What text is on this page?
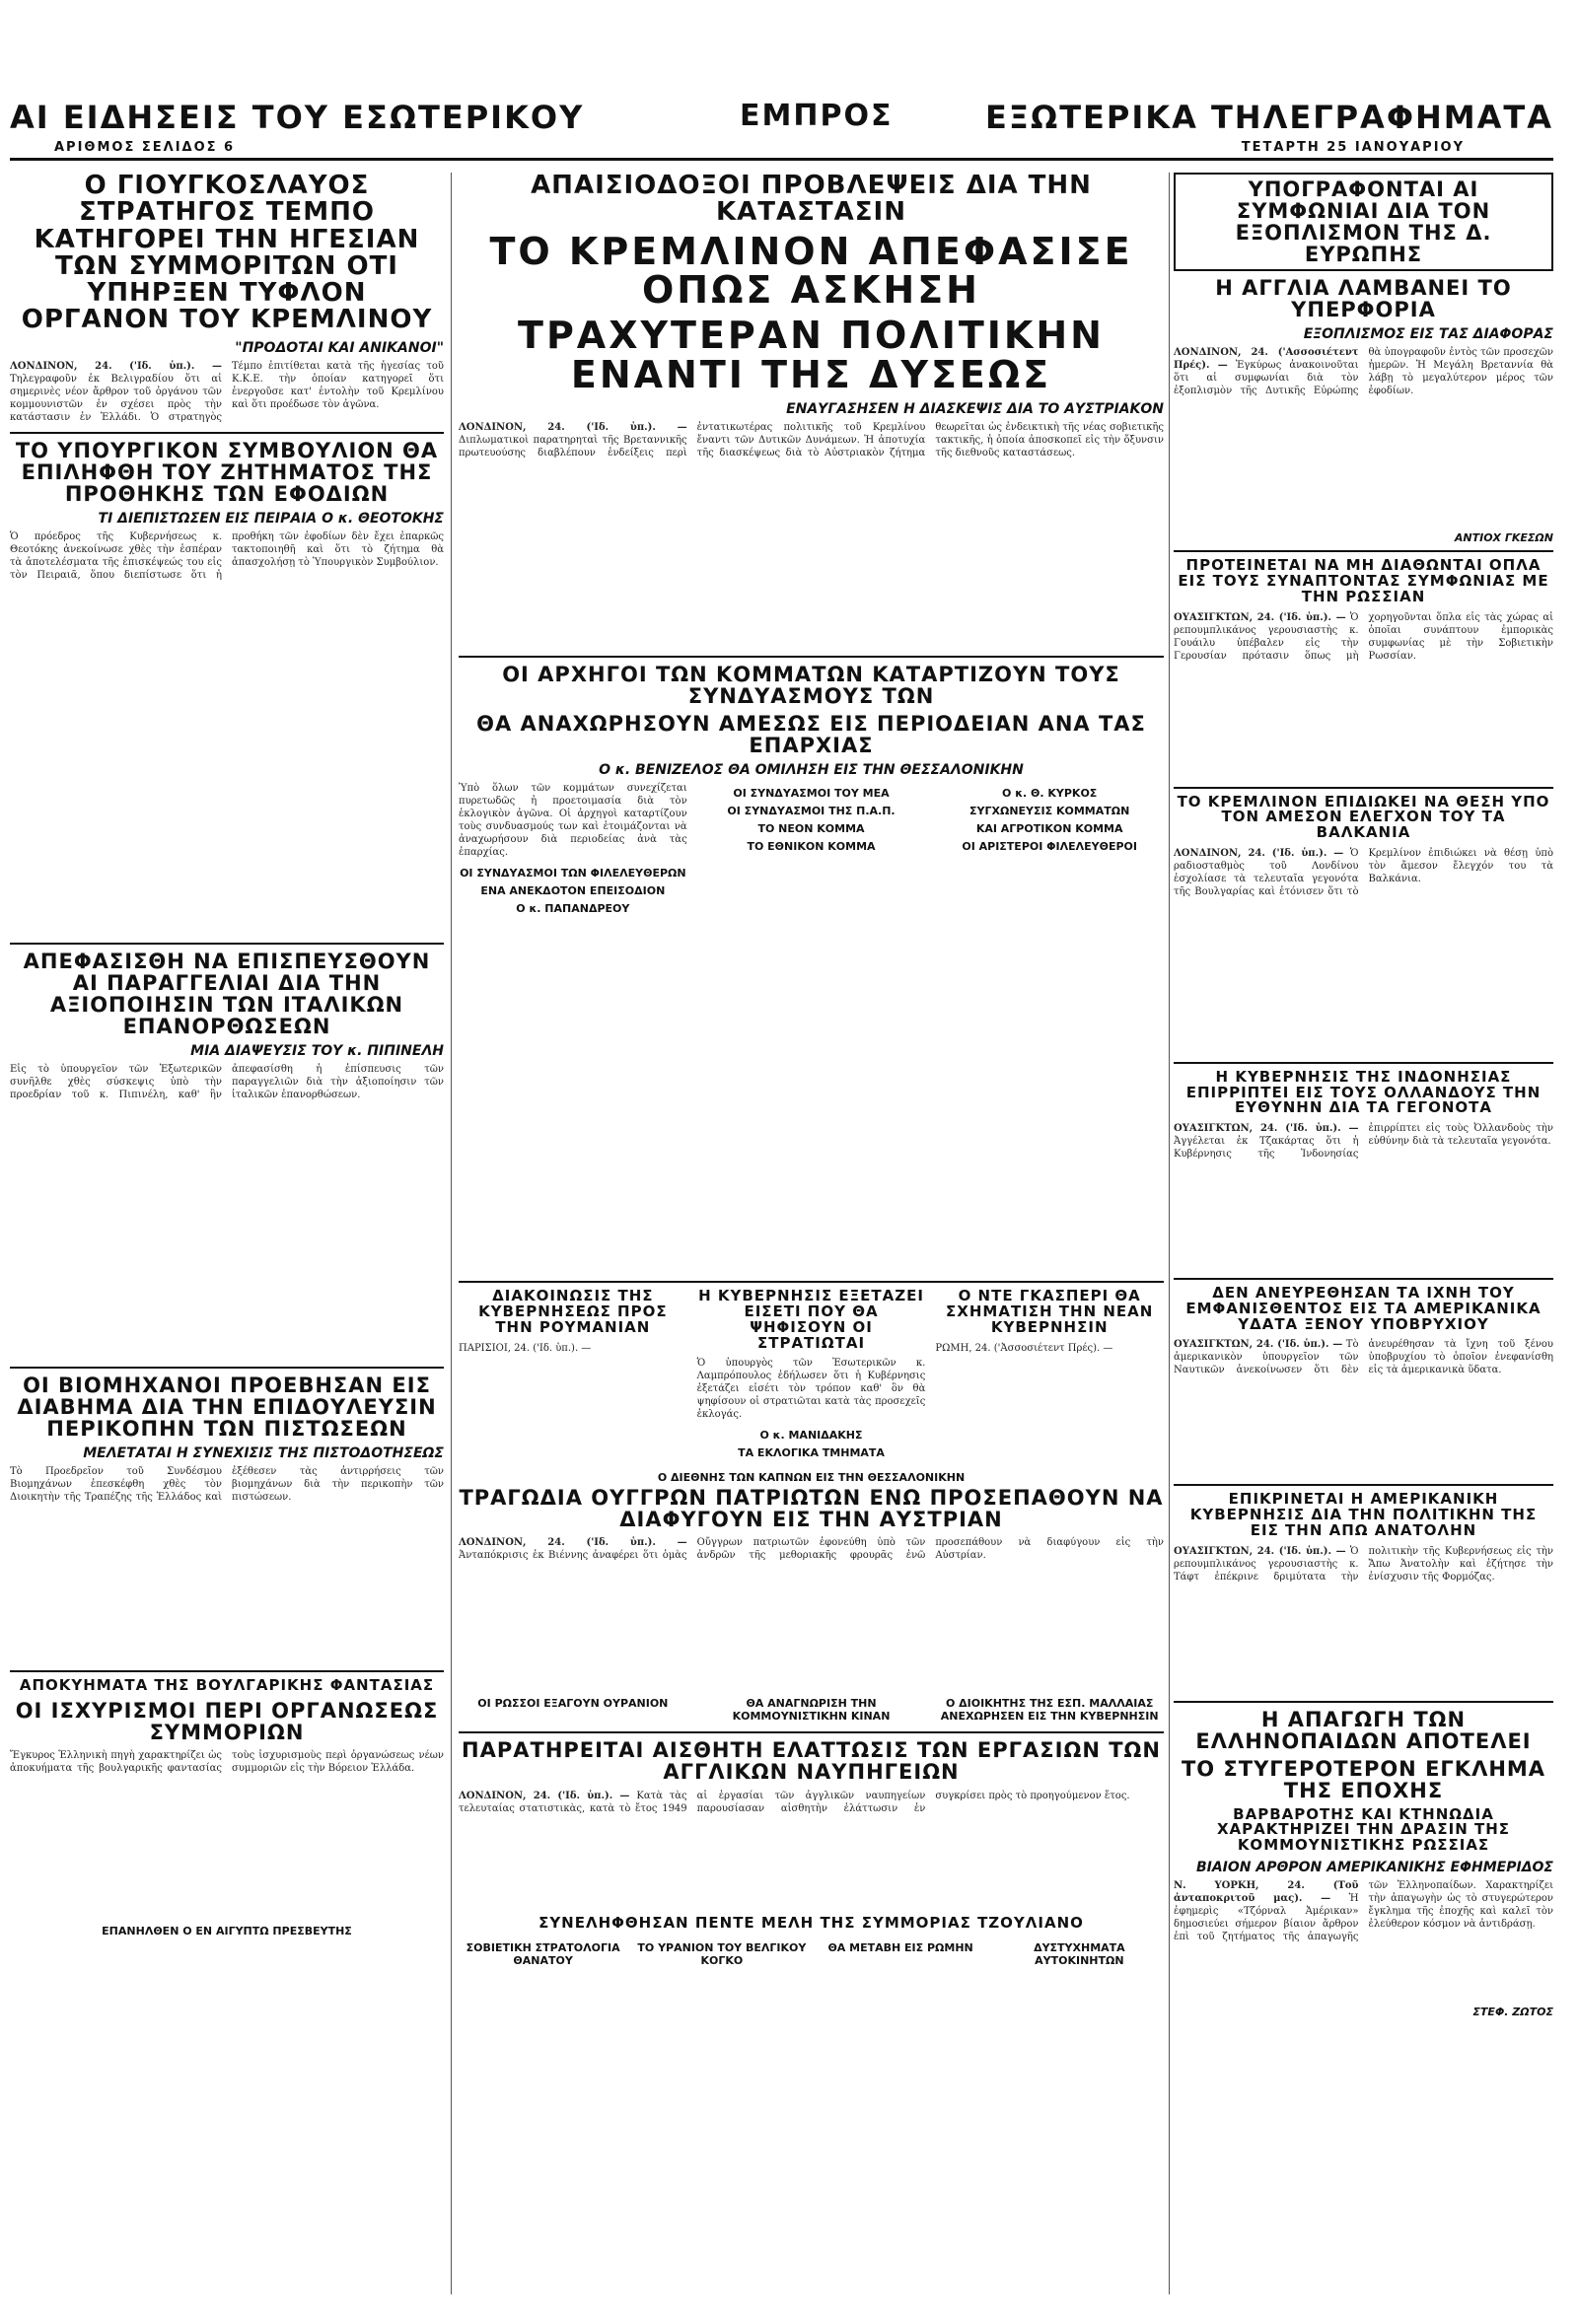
ΑΙ ΕΙΔΗΣΕΙΣ ΤΟΥ ΕΣΩΤΕΡΙΚΟΥ	ΕΜΠΡΟΣ	ΕΞΩΤΕΡΙΚΑ ΤΗΛΕΓΡΑΦΗΜΑΤΑ
ΑΡΙΘΜΟΣ ΣΕΛΙΔΟΣ 6	ΤΕΤΑΡΤΗ 25 ΙΑΝΟΥΑΡΙΟΥ
Ο ΓΙΟΥΓΚΟΣΛΑΥΟΣ ΣΤΡΑΤΗΓΟΣ ΤΕΜΠΟ ΚΑΤΗΓΟΡΕΙ ΤΗΝ ΗΓΕΣΙΑΝ ΤΩΝ ΣΥΜΜΟΡΙΤΩΝ ΟΤΙ ΥΠΗΡΞΕΝ ΤΥΦΛΟΝ ΟΡΓΑΝΟΝ ΤΟΥ ΚΡΕΜΛΙΝΟΥ
"ΠΡΟΔΟΤΑΙ ΚΑΙ ΑΝΙΚΑΝΟΙ"
ΛΟΝΔΙΝΟΝ, 24. ('Ιδ. ὑπ.). — Τηλεγραφοῦν ἐκ Βελιγραδίου ὅτι αἱ σημερινὲς νέον ἄρθρον τοῦ ὀργάνου τῶν κομμουνιστῶν ἐν σχέσει πρὸς τὴν κατάστασιν ἐν Ἑλλάδι. Ὁ στρατηγὸς Τέμπο ἐπιτίθεται κατὰ τῆς ἡγεσίας τοῦ Κ.Κ.Ε. τὴν ὁποίαν κατηγορεῖ ὅτι ἐνεργοῦσε κατ' ἐντολὴν τοῦ Κρεμλίνου καὶ ὅτι προέδωσε τὸν ἀγῶνα.
ΤΟ ΥΠΟΥΡΓΙΚΟΝ ΣΥΜΒΟΥΛΙΟΝ ΘΑ ΕΠΙΛΗΦΘΗ ΤΟΥ ΖΗΤΗΜΑΤΟΣ ΤΗΣ ΠΡΟΘΗΚΗΣ ΤΩΝ ΕΦΟΔΙΩΝ
ΤΙ ΔΙΕΠΙΣΤΩΣΕΝ ΕΙΣ ΠΕΙΡΑΙΑ Ο κ. ΘΕΟΤΟΚΗΣ
Ὁ πρόεδρος τῆς Κυβερνήσεως κ. Θεοτόκης ἀνεκοίνωσε χθὲς τὴν ἑσπέραν τὰ ἀποτελέσματα τῆς ἐπισκέψεώς του εἰς τὸν Πειραιᾶ, ὅπου διεπίστωσε ὅτι ἡ προθήκη τῶν ἐφοδίων δὲν ἔχει ἐπαρκῶς τακτοποιηθῆ καὶ ὅτι τὸ ζήτημα θὰ ἀπασχολήσῃ τὸ Ὑπουργικὸν Συμβούλιον.
ΑΠΕΦΑΣΙΣΘΗ ΝΑ ΕΠΙΣΠΕΥΣΘΟΥΝ ΑΙ ΠΑΡΑΓΓΕΛΙΑΙ ΔΙΑ ΤΗΝ ΑΞΙΟΠΟΙΗΣΙΝ ΤΩΝ ΙΤΑΛΙΚΩΝ ΕΠΑΝΟΡΘΩΣΕΩΝ
ΜΙΑ ΔΙΑΨΕΥΣΙΣ ΤΟΥ κ. ΠΙΠΙΝΕΛΗ
Εἰς τὸ ὑπουργεῖον τῶν Ἐξωτερικῶν συνῆλθε χθὲς σύσκεψις ὑπὸ τὴν προεδρίαν τοῦ κ. Πιπινέλη, καθ' ἣν ἀπεφασίσθη ἡ ἐπίσπευσις τῶν παραγγελιῶν διὰ τὴν ἀξιοποίησιν τῶν ἰταλικῶν ἐπανορθώσεων.
ΟΙ ΒΙΟΜΗΧΑΝΟΙ ΠΡΟΕΒΗΣΑΝ ΕΙΣ ΔΙΑΒΗΜΑ ΔΙΑ ΤΗΝ ΕΠΙΔΟΥΛΕΥΣΙΝ ΠΕΡΙΚΟΠΗΝ ΤΩΝ ΠΙΣΤΩΣΕΩΝ
ΜΕΛΕΤΑΤΑΙ Η ΣΥΝΕΧΙΣΙΣ ΤΗΣ ΠΙΣΤΟΔΟΤΗΣΕΩΣ
Τὸ Προεδρεῖον τοῦ Συνδέσμου Βιομηχάνων ἐπεσκέφθη χθὲς τὸν Διοικητὴν τῆς Τραπέζης τῆς Ἑλλάδος καὶ ἐξέθεσεν τὰς ἀντιρρήσεις τῶν βιομηχάνων διὰ τὴν περικοπὴν τῶν πιστώσεων.
ΑΠΟΚΥΗΜΑΤΑ ΤΗΣ ΒΟΥΛΓΑΡΙΚΗΣ ΦΑΝΤΑΣΙΑΣ
ΟΙ ΙΣΧΥΡΙΣΜΟΙ ΠΕΡΙ ΟΡΓΑΝΩΣΕΩΣ ΣΥΜΜΟΡΙΩΝ
Ἔγκυρος Ἑλληνικὴ πηγὴ χαρακτηρίζει ὡς ἀποκυήματα τῆς βουλγαρικῆς φαντασίας τοὺς ἰσχυρισμοὺς περὶ ὀργανώσεως νέων συμμοριῶν εἰς τὴν Βόρειον Ἑλλάδα.
ΕΠΑΝΗΛΘΕΝ Ο ΕΝ ΑΙΓΥΠΤΩ ΠΡΕΣΒΕΥΤΗΣ
ΑΠΑΙΣΙΟΔΟΞΟΙ ΠΡΟΒΛΕΨΕΙΣ ΔΙΑ ΤΗΝ ΚΑΤΑΣΤΑΣΙΝ
ΤΟ ΚΡΕΜΛΙΝΟΝ ΑΠΕΦΑΣΙΣΕ ΟΠΩΣ ΑΣΚΗΣΗ
ΤΡΑΧΥΤΕΡΑΝ ΠΟΛΙΤΙΚΗΝ ΕΝΑΝΤΙ ΤΗΣ ΔΥΣΕΩΣ
ΕΝΑΥΓΑΣΗΣΕΝ Η ΔΙΑΣΚΕΨΙΣ ΔΙΑ ΤΟ ΑΥΣΤΡΙΑΚΟΝ
ΛΟΝΔΙΝΟΝ, 24. ('Ιδ. ὑπ.). — Διπλωματικοὶ παρατηρηταὶ τῆς Βρεταννικῆς πρωτευούσης διαβλέπουν ἐνδείξεις περὶ ἐντατικωτέρας πολιτικῆς τοῦ Κρεμλίνου ἔναντι τῶν Δυτικῶν Δυνάμεων. Ἡ ἀποτυχία τῆς διασκέψεως διὰ τὸ Αὐστριακὸν ζήτημα θεωρεῖται ὡς ἐνδεικτικὴ τῆς νέας σοβιετικῆς τακτικῆς, ἡ ὁποία ἀποσκοπεῖ εἰς τὴν ὄξυνσιν τῆς διεθνοῦς καταστάσεως.
ΟΙ ΑΡΧΗΓΟΙ ΤΩΝ ΚΟΜΜΑΤΩΝ ΚΑΤΑΡΤΙΖΟΥΝ ΤΟΥΣ ΣΥΝΔΥΑΣΜΟΥΣ ΤΩΝ
ΘΑ ΑΝΑΧΩΡΗΣΟΥΝ ΑΜΕΣΩΣ ΕΙΣ ΠΕΡΙΟΔΕΙΑΝ ΑΝΑ ΤΑΣ ΕΠΑΡΧΙΑΣ
Ο κ. ΒΕΝΙΖΕΛΟΣ ΘΑ ΟΜΙΛΗΣΗ ΕΙΣ ΤΗΝ ΘΕΣΣΑΛΟΝΙΚΗΝ
Ὑπὸ ὅλων τῶν κομμάτων συνεχίζεται πυρετωδῶς ἡ προετοιμασία διὰ τὸν ἐκλογικὸν ἀγῶνα. Οἱ ἀρχηγοὶ καταρτίζουν τοὺς συνδυασμούς των καὶ ἑτοιμάζονται νὰ ἀναχωρήσουν διὰ περιοδείας ἀνὰ τὰς ἐπαρχίας.
ΟΙ ΣΥΝΔΥΑΣΜΟΙ ΤΩΝ ΦΙΛΕΛΕΥΘΕΡΩΝ
ΕΝΑ ΑΝΕΚΔΟΤΟΝ ΕΠΕΙΣΟΔΙΟΝ
Ο κ. ΠΑΠΑΝΔΡΕΟΥ
ΟΙ ΣΥΝΔΥΑΣΜΟΙ ΤΟΥ ΜΕΑ
ΟΙ ΣΥΝΔΥΑΣΜΟΙ ΤΗΣ Π.Α.Π.
ΤΟ ΝΕΟΝ ΚΟΜΜΑ
ΤΟ ΕΘΝΙΚΟΝ ΚΟΜΜΑ
Ο κ. Θ. ΚΥΡΚΟΣ
ΣΥΓΧΩΝΕΥΣΙΣ ΚΟΜΜΑΤΩΝ
ΚΑΙ ΑΓΡΟΤΙΚΟΝ ΚΟΜΜΑ
ΟΙ ΑΡΙΣΤΕΡΟΙ ΦΙΛΕΛΕΥΘΕΡΟΙ
ΔΙΑΚΟΙΝΩΣΙΣ ΤΗΣ ΚΥΒΕΡΝΗΣΕΩΣ ΠΡΟΣ ΤΗΝ ΡΟΥΜΑΝΙΑΝ
ΠΑΡΙΣΙΟΙ, 24. ('Ιδ. ὑπ.). —
Η ΚΥΒΕΡΝΗΣΙΣ ΕΞΕΤΑΖΕΙ ΕΙΣΕΤΙ ΠΟΥ ΘΑ ΨΗΦΙΣΟΥΝ ΟΙ ΣΤΡΑΤΙΩΤΑΙ
Ὁ ὑπουργὸς τῶν Ἐσωτερικῶν κ. Λαμπρόπουλος ἐδήλωσεν ὅτι ἡ Κυβέρνησις ἐξετάζει εἰσέτι τὸν τρόπον καθ' ὃν θὰ ψηφίσουν οἱ στρατιῶται κατὰ τὰς προσεχεῖς ἐκλογάς.
Ο κ. ΜΑΝΙΔΑΚΗΣ
ΤΑ ΕΚΛΟΓΙΚΑ ΤΜΗΜΑΤΑ
Ο ΝΤΕ ΓΚΑΣΠΕΡΙ ΘΑ ΣΧΗΜΑΤΙΣΗ ΤΗΝ ΝΕΑΝ ΚΥΒΕΡΝΗΣΙΝ
ΡΩΜΗ, 24. ('Ἀσσοσιέτεντ Πρές). —
Ο ΔΙΕΘΝΗΣ ΤΩΝ ΚΑΠΝΩΝ ΕΙΣ ΤΗΝ ΘΕΣΣΑΛΟΝΙΚΗΝ
ΤΡΑΓΩΔΙΑ ΟΥΓΓΡΩΝ ΠΑΤΡΙΩΤΩΝ ΕΝΩ ΠΡΟΣΕΠΑΘΟΥΝ ΝΑ ΔΙΑΦΥΓΟΥΝ ΕΙΣ ΤΗΝ ΑΥΣΤΡΙΑΝ
ΛΟΝΔΙΝΟΝ, 24. ('Ιδ. ὑπ.). — Ἀνταπόκρισις ἐκ Βιέννης ἀναφέρει ὅτι ὁμὰς Οὔγγρων πατριωτῶν ἐφονεύθη ὑπὸ τῶν ἀνδρῶν τῆς μεθοριακῆς φρουρᾶς ἐνῶ προσεπάθουν νὰ διαφύγουν εἰς τὴν Αὐστρίαν.
ΟΙ ΡΩΣΣΟΙ ΕΞΑΓΟΥΝ ΟΥΡΑΝΙΟΝ	ΘΑ ΑΝΑΓΝΩΡΙΣΗ ΤΗΝ ΚΟΜΜΟΥΝΙΣΤΙΚΗΝ ΚΙΝΑΝ
Ο ΔΙΟΙΚΗΤΗΣ ΤΗΣ ΕΣΠ. ΜΑΛΛΑΙΑΣ ΑΝΕΧΩΡΗΣΕΝ ΕΙΣ ΤΗΝ ΚΥΒΕΡΝΗΣΙΝ
ΠΑΡΑΤΗΡΕΙΤΑΙ ΑΙΣΘΗΤΗ ΕΛΑΤΤΩΣΙΣ ΤΩΝ ΕΡΓΑΣΙΩΝ ΤΩΝ ΑΓΓΛΙΚΩΝ ΝΑΥΠΗΓΕΙΩΝ
ΛΟΝΔΙΝΟΝ, 24. ('Ιδ. ὑπ.). — Κατὰ τὰς τελευταίας στατιστικὰς, κατὰ τὸ ἔτος 1949 αἱ ἐργασίαι τῶν ἀγγλικῶν ναυπηγείων παρουσίασαν αἰσθητὴν ἐλάττωσιν ἐν συγκρίσει πρὸς τὸ προηγούμενον ἔτος.
ΣΥΝΕΛΗΦΘΗΣΑΝ ΠΕΝΤΕ ΜΕΛΗ ΤΗΣ ΣΥΜΜΟΡΙΑΣ ΤΖΟΥΛΙΑΝΟ
ΣΟΒΙΕΤΙΚΗ ΣΤΡΑΤΟΛΟΓΙΑ ΘΑΝΑΤΟΥ
ΤΟ ΥΡΑΝΙΟΝ ΤΟΥ ΒΕΛΓΙΚΟΥ ΚΟΓΚΟ
ΘΑ ΜΕΤΑΒΗ ΕΙΣ ΡΩΜΗΝ	ΔΥΣΤΥΧΗΜΑΤΑ ΑΥΤΟΚΙΝΗΤΩΝ
ΥΠΟΓΡΑΦΟΝΤΑΙ ΑΙ ΣΥΜΦΩΝΙΑΙ ΔΙΑ ΤΟΝ ΕΞΟΠΛΙΣΜΟΝ ΤΗΣ Δ. ΕΥΡΩΠΗΣ
Η ΑΓΓΛΙΑ ΛΑΜΒΑΝΕΙ ΤΟ ΥΠΕΡΦΟΡΙΑ
ΕΞΟΠΛΙΣΜΟΣ ΕΙΣ ΤΑΣ ΔΙΑΦΟΡΑΣ
ΛΟΝΔΙΝΟΝ, 24. ('Ασσοσιέτεντ Πρές). — Ἐγκύρως ἀνακοινοῦται ὅτι αἱ συμφωνίαι διὰ τὸν ἐξοπλισμὸν τῆς Δυτικῆς Εὐρώπης θὰ ὑπογραφοῦν ἐντὸς τῶν προσεχῶν ἡμερῶν. Ἡ Μεγάλη Βρεταννία θὰ λάβῃ τὸ μεγαλύτερον μέρος τῶν ἐφοδίων.
ΑΝΤΙΟΧ ΓΚΕΣΩΝ
ΠΡΟΤΕΙΝΕΤΑΙ ΝΑ ΜΗ ΔΙΑΘΩΝΤΑΙ ΟΠΛΑ ΕΙΣ ΤΟΥΣ ΣΥΝΑΠΤΟΝΤΑΣ ΣΥΜΦΩΝΙΑΣ ΜΕ ΤΗΝ ΡΩΣΣΙΑΝ
ΟΥΑΣΙΓΚΤΩΝ, 24. ('Ιδ. ὑπ.). — Ὁ ρεπουμπλικάνος γερουσιαστὴς κ. Γουάιλυ ὑπέβαλεν εἰς τὴν Γερουσίαν πρότασιν ὅπως μὴ χορηγοῦνται ὅπλα εἰς τὰς χώρας αἱ ὁποῖαι συνάπτουν ἐμπορικὰς συμφωνίας μὲ τὴν Σοβιετικὴν Ρωσσίαν.
ΤΟ ΚΡΕΜΛΙΝΟΝ ΕΠΙΔΙΩΚΕΙ ΝΑ ΘΕΣΗ ΥΠΟ ΤΟΝ ΑΜΕΣΟΝ ΕΛΕΓΧΟΝ ΤΟΥ ΤΑ ΒΑΛΚΑΝΙΑ
ΛΟΝΔΙΝΟΝ, 24. ('Ιδ. ὑπ.). — Ὁ ραδιοσταθμὸς τοῦ Λονδίνου ἐσχολίασε τὰ τελευταῖα γεγονότα τῆς Βουλγαρίας καὶ ἐτόνισεν ὅτι τὸ Κρεμλίνον ἐπιδιώκει νὰ θέσῃ ὑπὸ τὸν ἄμεσον ἔλεγχόν του τὰ Βαλκάνια.
Η ΚΥΒΕΡΝΗΣΙΣ ΤΗΣ ΙΝΔΟΝΗΣΙΑΣ ΕΠΙΡΡΙΠΤΕΙ ΕΙΣ ΤΟΥΣ ΟΛΛΑΝΔΟΥΣ ΤΗΝ ΕΥΘΥΝΗΝ ΔΙΑ ΤΑ ΓΕΓΟΝΟΤΑ
ΟΥΑΣΙΓΚΤΩΝ, 24. ('Ιδ. ὑπ.). — Ἀγγέλεται ἐκ Τζακάρτας ὅτι ἡ Κυβέρνησις τῆς Ἰνδονησίας ἐπιρρίπτει εἰς τοὺς Ὀλλανδοὺς τὴν εὐθύνην διὰ τὰ τελευταῖα γεγονότα.
ΔΕΝ ΑΝΕΥΡΕΘΗΣΑΝ ΤΑ ΙΧΝΗ ΤΟΥ ΕΜΦΑΝΙΣΘΕΝΤΟΣ ΕΙΣ ΤΑ ΑΜΕΡΙΚΑΝΙΚΑ ΥΔΑΤΑ ΞΕΝΟΥ ΥΠΟΒΡΥΧΙΟΥ
ΟΥΑΣΙΓΚΤΩΝ, 24. ('Ιδ. ὑπ.). — Τὸ ἀμερικανικὸν ὑπουργεῖον τῶν Ναυτικῶν ἀνεκοίνωσεν ὅτι δὲν ἀνευρέθησαν τὰ ἴχνη τοῦ ξένου ὑποβρυχίου τὸ ὁποῖον ἐνεφανίσθη εἰς τὰ ἀμερικανικὰ ὕδατα.
ΕΠΙΚΡΙΝΕΤΑΙ Η ΑΜΕΡΙΚΑΝΙΚΗ ΚΥΒΕΡΝΗΣΙΣ ΔΙΑ ΤΗΝ ΠΟΛΙΤΙΚΗΝ ΤΗΣ ΕΙΣ ΤΗΝ ΑΠΩ ΑΝΑΤΟΛΗΝ
ΟΥΑΣΙΓΚΤΩΝ, 24. ('Ιδ. ὑπ.). — Ὁ ρεπουμπλικάνος γερουσιαστὴς κ. Τάφτ ἐπέκρινε δριμύτατα τὴν πολιτικὴν τῆς Κυβερνήσεως εἰς τὴν Ἄπω Ἀνατολὴν καὶ ἐζήτησε τὴν ἐνίσχυσιν τῆς Φορμόζας.
Η ΑΠΑΓΩΓΗ ΤΩΝ ΕΛΛΗΝΟΠΑΙΔΩΝ ΑΠΟΤΕΛΕΙ
ΤΟ ΣΤΥΓΕΡΟΤΕΡΟΝ ΕΓΚΛΗΜΑ ΤΗΣ ΕΠΟΧΗΣ
ΒΑΡΒΑΡΟΤΗΣ ΚΑΙ ΚΤΗΝΩΔΙΑ ΧΑΡΑΚΤΗΡΙΖΕΙ ΤΗΝ ΔΡΑΣΙΝ ΤΗΣ ΚΟΜΜΟΥΝΙΣΤΙΚΗΣ ΡΩΣΣΙΑΣ
ΒΙΑΙΟΝ ΑΡΘΡΟΝ ΑΜΕΡΙΚΑΝΙΚΗΣ ΕΦΗΜΕΡΙΔΟΣ
Ν. ΥΟΡΚΗ, 24. (Τοῦ ἀνταποκριτοῦ μας). — Ἡ ἐφημερὶς «Τζόρναλ Ἀμέρικαν» δημοσιεύει σήμερον βίαιον ἄρθρον ἐπὶ τοῦ ζητήματος τῆς ἀπαγωγῆς τῶν Ἑλληνοπαίδων. Χαρακτηρίζει τὴν ἀπαγωγὴν ὡς τὸ στυγερώτερον ἔγκλημα τῆς ἐποχῆς καὶ καλεῖ τὸν ἐλεύθερον κόσμον νὰ ἀντιδράσῃ.
ΣΤΕΦ. ΖΩΤΟΣ
